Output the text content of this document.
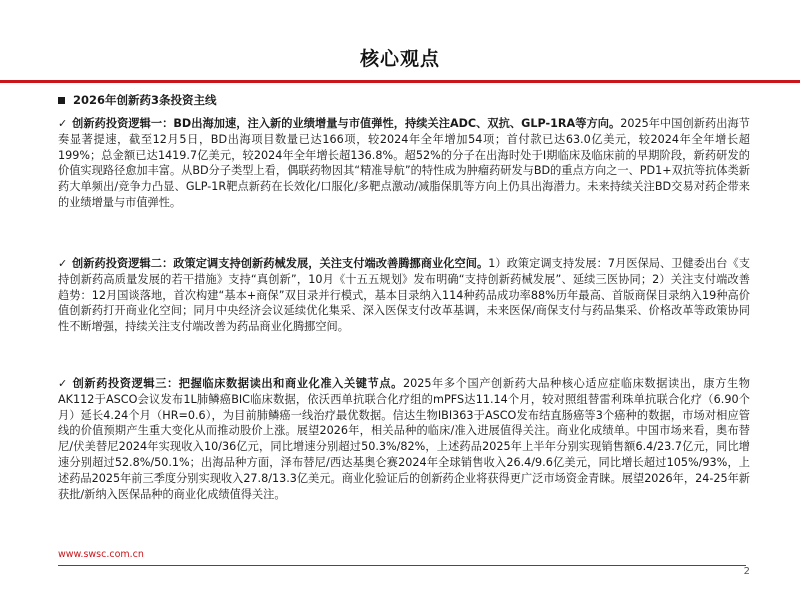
核心观点
2026年创新药3条投资主线

✓ 创新药投资逻辑一：BD出海加速，注入新的业绩增量与市值弹性，持续关注ADC、双抗、GLP-1RA等方向。2025年中国创新药出海节奏显著提速，截至12月5日，BD出海项目数量已达166项，较2024年全年增加54项；首付款已达63.0亿美元，较2024年全年增长超199%；总金额已达1419.7亿美元，较2024年全年增长超136.8%。超52%的分子在出海时处于I期临床及临床前的早期阶段，新药研发的价值实现路径愈加丰富。从BD分子类型上看，偶联药物因其“精准导航”的特性成为肿瘤药研发与BD的重点方向之一、PD1+双抗等抗体类新药大单频出/竞争力凸显、GLP-1R靶点新药在长效化/口服化/多靶点激动/减脂保肌等方向上仍具出海潜力。未来持续关注BD交易对药企带来的业绩增量与市值弹性。

✓ 创新药投资逻辑二：政策定调支持创新药械发展，关注支付端改善腾挪商业化空间。1）政策定调支持发展：7月医保局、卫健委出台《支持创新药高质量发展的若干措施》支持“真创新”，10月《十五五规划》发布明确“支持创新药械发展”、延续三医协同；2）关注支付端改善趋势：12月国谈落地，首次构建“基本+商保”双目录并行模式，基本目录纳入114种药品成功率88%历年最高、首版商保目录纳入19种高价值创新药打开商业化空间；同月中央经济会议延续优化集采、深入医保支付改革基调，未来医保/商保支付与药品集采、价格改革等政策协同性不断增强，持续关注支付端改善为药品商业化腾挪空间。

✓ 创新药投资逻辑三：把握临床数据读出和商业化准入关键节点。2025年多个国产创新药大品种核心适应症临床数据读出，康方生物AK112于ASCO会议发布1L肺鳞癌BIC临床数据，依沃西单抗联合化疗组的mPFS达11.14个月，较对照组替雷利珠单抗联合化疗（6.90个月）延长4.24个月（HR=0.6），为目前肺鳞癌一线治疗最优数据。信达生物IBI363于ASCO发布结直肠癌等3个癌种的数据，市场对相应管线的价值预期产生重大变化从而推动股价上涨。展望2026年，相关品种的临床/准入进展值得关注。商业化成绩单。中国市场来看，奥布替尼/伏美替尼2024年实现收入10/36亿元，同比增速分别超过50.3%/82%，上述药品2025年上半年分别实现销售额6.4/23.7亿元，同比增速分别超过52.8%/50.1%；出海品种方面，泽布替尼/西达基奥仑赛2024年全球销售收入26.4/9.6亿美元，同比增长超过105%/93%，上述药品2025年前三季度分别实现收入27.8/13.3亿美元。商业化验证后的创新药企业将获得更广泛市场资金青睐。展望2026年，24-25年新获批/新纳入医保品种的商业化成绩值得关注。

www.swsc.com.cn
2
